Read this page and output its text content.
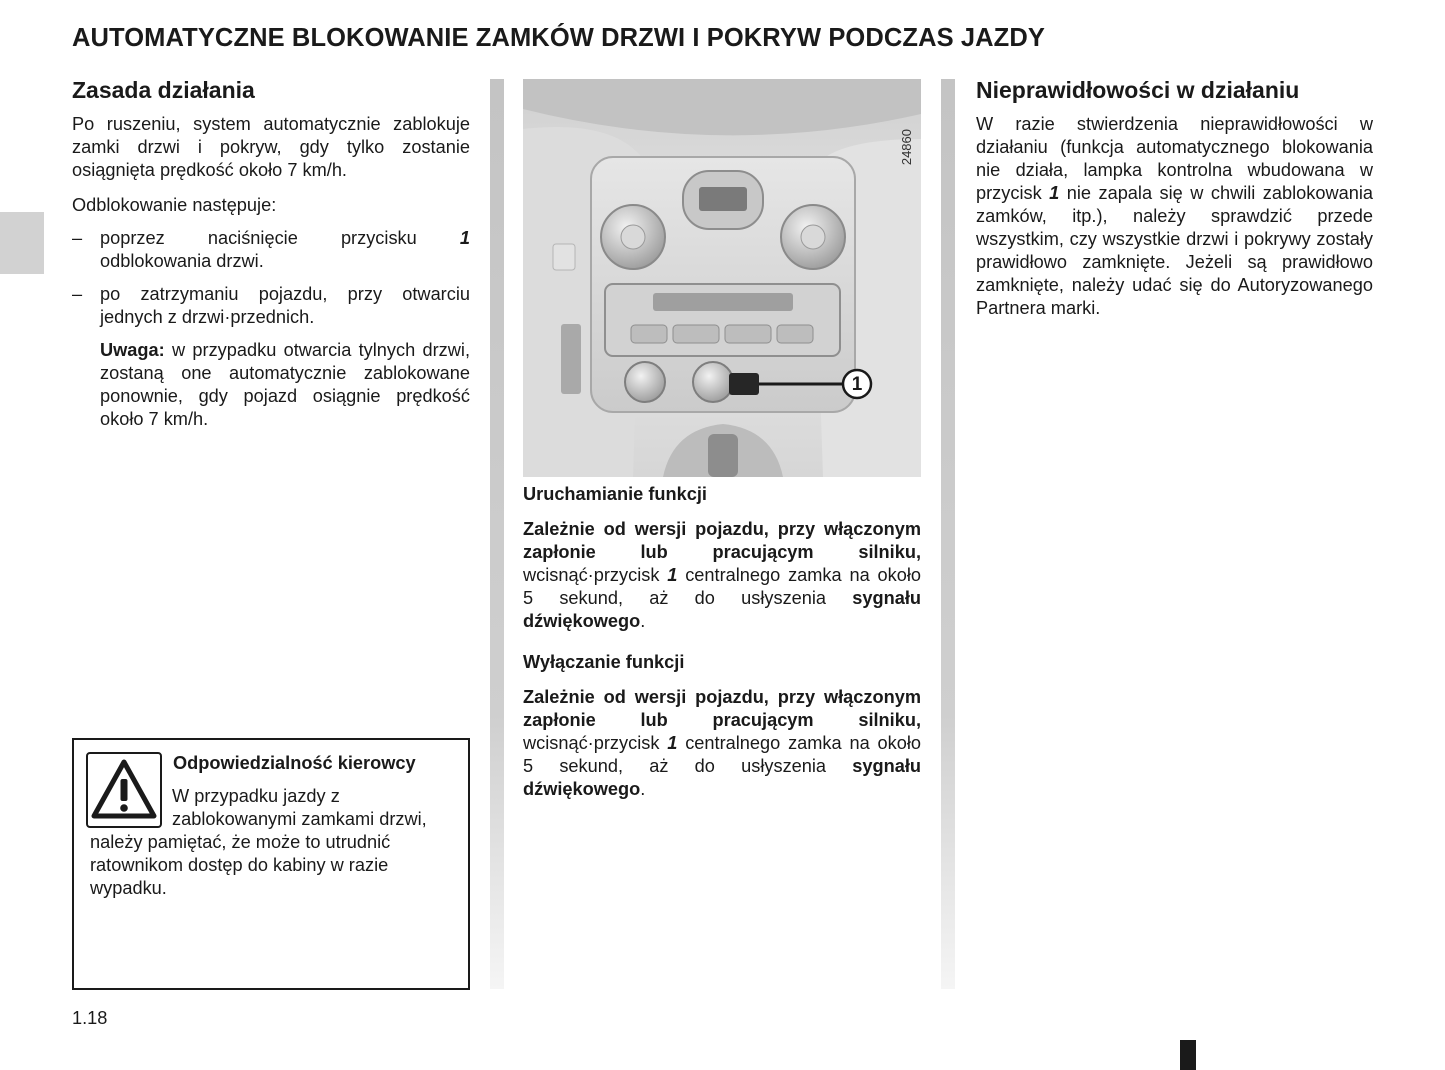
AUTOMATYCZNE BLOKOWANIE ZAMKÓW DRZWI I POKRYW PODCZAS JAZDY
Zasada działania

Po ruszeniu, system automatycznie zablokuje zamki drzwi i pokryw, gdy tylko zostanie osiągnięta prędkość około 7 km/h.

Odblokowanie następuje:

– poprzez naciśnięcie przycisku 1 odblokowania drzwi.

– po zatrzymaniu pojazdu, przy otwarciu jednych z drzwi·przednich.

Uwaga: w przypadku otwarcia tylnych drzwi, zostaną one automatycznie zablokowane ponownie, gdy pojazd osiągnie prędkość około 7 km/h.

Odpowiedzialność kierowcy
W przypadku jazdy z zablokowanymi zamkami drzwi, należy pamiętać, że może to utrudnić ratownikom dostęp do kabiny w razie wypadku.
1
24860

Uruchamianie funkcji

Zależnie od wersji pojazdu, przy włączonym zapłonie lub pracującym silniku, wcisnąć·przycisk 1 centralnego zamka na około 5 sekund, aż do usłyszenia sygnału dźwiękowego.

Wyłączanie funkcji

Zależnie od wersji pojazdu, przy włączonym zapłonie lub pracującym silniku, wcisnąć·przycisk 1 centralnego zamka na około 5 sekund, aż do usłyszenia sygnału dźwiękowego.

Nieprawidłowości w działaniu

W razie stwierdzenia nieprawidłowości w działaniu (funkcja automatycznego blokowania nie działa, lampka kontrolna wbudowana w przycisk 1 nie zapala się w chwili zablokowania zamków, itp.), należy sprawdzić przede wszystkim, czy wszystkie drzwi i pokrywy zostały prawidłowo zamknięte. Jeżeli są prawidłowo zamknięte, należy udać się do Autoryzowanego Partnera marki.

1.18
